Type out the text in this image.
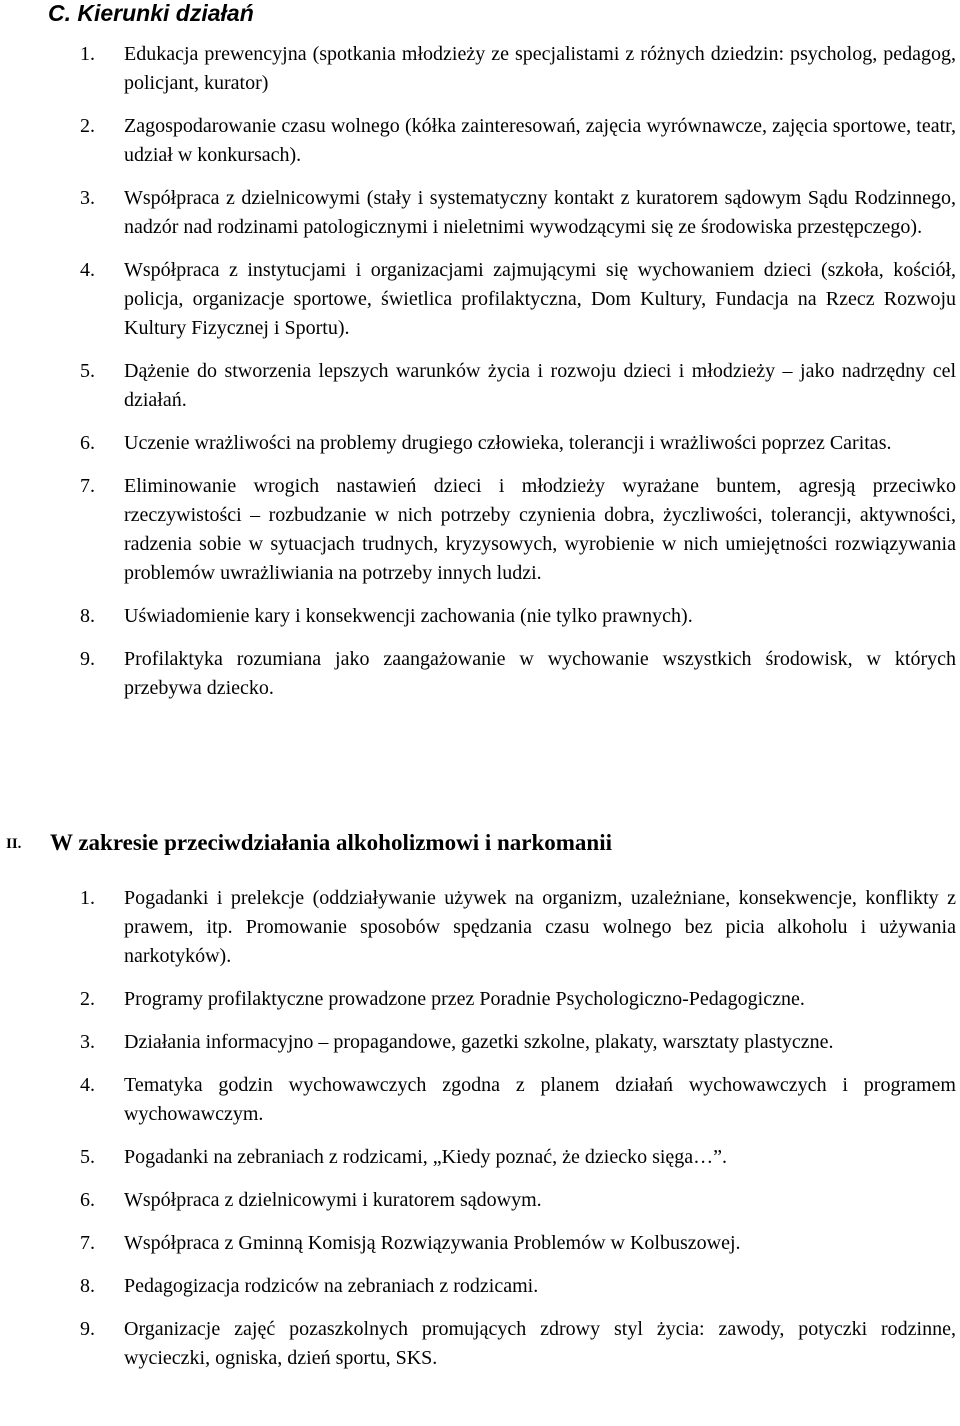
C. Kierunki działań
1.	Edukacja prewencyjna (spotkania młodzieży ze specjalistami z różnych dziedzin: psycholog, pedagog, policjant, kurator)
2.	Zagospodarowanie czasu wolnego (kółka zainteresowań, zajęcia wyrównawcze, zajęcia sportowe, teatr, udział w konkursach).
3.	Współpraca z dzielnicowymi (stały i systematyczny kontakt z kuratorem sądowym Sądu Rodzinnego, nadzór nad rodzinami patologicznymi i nieletnimi wywodzącymi się ze środowiska przestępczego).
4.	Współpraca z instytucjami i organizacjami zajmującymi się wychowaniem dzieci (szkoła, kościół, policja, organizacje sportowe, świetlica profilaktyczna, Dom Kultury, Fundacja na Rzecz Rozwoju Kultury Fizycznej i Sportu).
5.	Dążenie do stworzenia lepszych warunków życia i rozwoju dzieci i młodzieży – jako nadrzędny cel działań.
6.	Uczenie wrażliwości na problemy drugiego człowieka, tolerancji i wrażliwości poprzez Caritas.
7.	Eliminowanie wrogich nastawień dzieci i młodzieży wyrażane buntem, agresją przeciwko rzeczywistości – rozbudzanie w nich potrzeby czynienia dobra, życzliwości, tolerancji, aktywności, radzenia sobie w sytuacjach trudnych, kryzysowych, wyrobienie w nich umiejętności rozwiązywania problemów uwrażliwiania na potrzeby innych ludzi.
8.	Uświadomienie kary i konsekwencji zachowania (nie tylko prawnych).
9.	Profilaktyka rozumiana jako zaangażowanie w wychowanie wszystkich środowisk, w których przebywa dziecko.
II. W zakresie przeciwdziałania alkoholizmowi i narkomanii
1.	Pogadanki i prelekcje (oddziaływanie używek na organizm, uzależniane, konsekwencje, konflikty z prawem, itp. Promowanie sposobów spędzania czasu wolnego bez picia alkoholu i używania narkotyków).
2.	Programy profilaktyczne prowadzone przez Poradnie Psychologiczno-Pedagogiczne.
3.	Działania informacyjno – propagandowe, gazetki szkolne, plakaty, warsztaty plastyczne.
4.	Tematyka godzin wychowawczych zgodna z planem działań wychowawczych i programem wychowawczym.
5.	Pogadanki na zebraniach z rodzicami, „Kiedy poznać, że dziecko sięga…”.
6.	Współpraca z dzielnicowymi i kuratorem sądowym.
7.	Współpraca z Gminną Komisją Rozwiązywania Problemów w Kolbuszowej.
8.	Pedagogizacja rodziców na zebraniach z rodzicami.
9.	Organizacje zajęć pozaszkolnych promujących zdrowy styl życia: zawody, potyczki rodzinne, wycieczki, ogniska, dzień sportu, SKS.
